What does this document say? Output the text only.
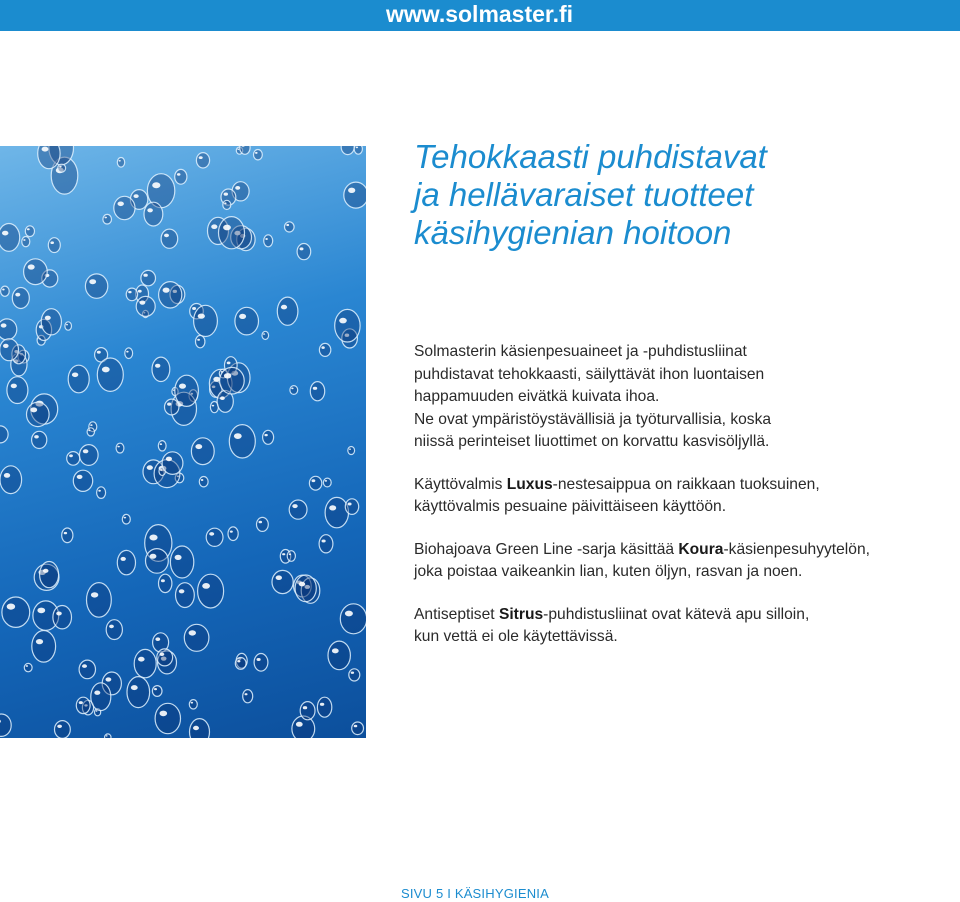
www.solmaster.fi

Tehokkaasti puhdistavat
ja hellävaraiset tuotteet
käsihygienian hoitoon

Solmasterin käsienpesuaineet ja -puhdistusliinat
puhdistavat tehokkaasti, säilyttävät ihon luontaisen
happamuuden eivätkä kuivata ihoa.
Ne ovat ympäristöystävällisiä ja työturvallisia, koska
niissä perinteiset liuottimet on korvattu kasvisöljyllä.

Käyttövalmis Luxus-nestesaippua on raikkaan tuoksuinen,
käyttövalmis pesuaine päivittäiseen käyttöön.

Biohajoava Green Line -sarja käsittää Koura-käsienpesuhyytelön,
joka poistaa vaikeankin lian, kuten öljyn, rasvan ja noen.

Antiseptiset Sitrus-puhdistusliinat ovat kätevä apu silloin,
kun vettä ei ole käytettävissä.

SIVU 5 I KÄSIHYGIENIA
